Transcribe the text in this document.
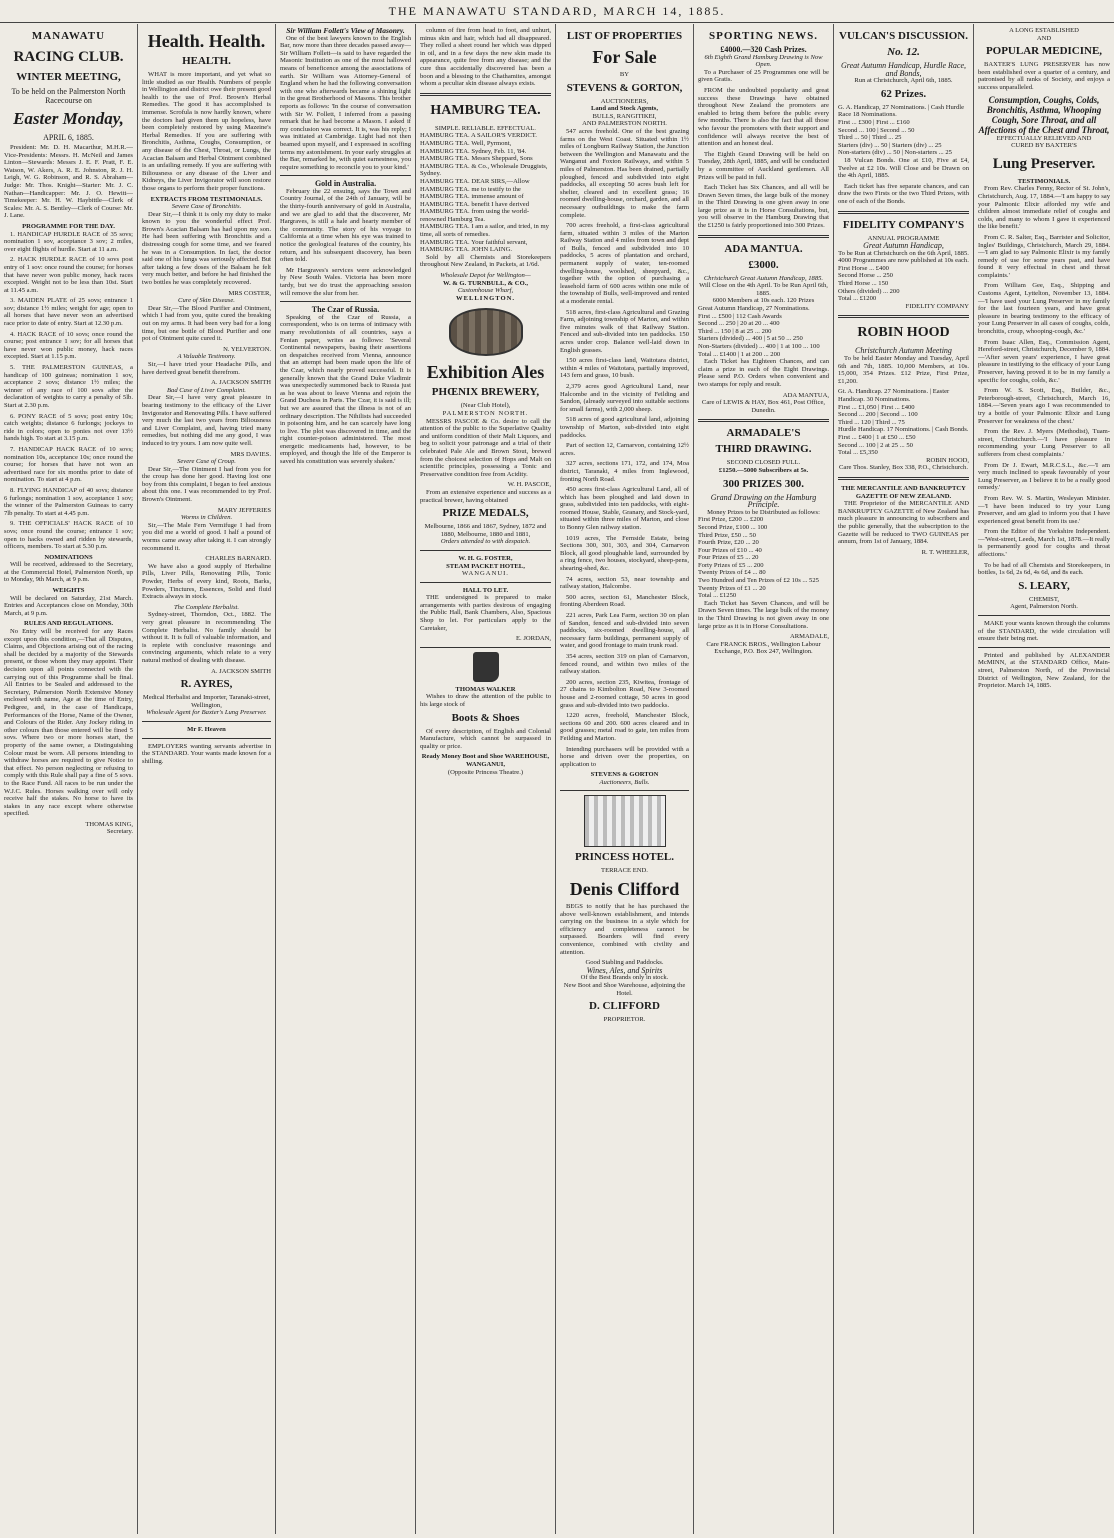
THE MANAWATU STANDARD, MARCH 14, 1885.
MANAWATU
RACING CLUB.
WINTER MEETING,
To be held on the Palmerston North Racecourse on
Easter Monday,
APRIL 6, 1885.

President: Mr. D. H. Macarthur, M.H.R.—Vice-Presidents: Messrs. H. McNeil and James Linton—Stewards: Messrs J. E. F. Pratt, F. E. Watson, W. Akers, A. R. E. Johnston, R. J. H. Leigh, W. G. Robinson, and R. S. Abraham—Judge: Mr. Thos. Knight—Starter: Mr. J. C. Nathan—Handicapper: Mr. J. O. Hewitt—Timekeeper: Mr. H. W. Haybittle—Clerk of Scales: Mr. A. S. Bentley—Clerk of Course: Mr. J. Lane.

PROGRAMME FOR THE DAY.

1. HANDICAP HURDLE RACE of 35 sovs; nomination 1 sov, acceptance 3 sov; 2 miles, over eight flights of hurdle. Start at 11 a.m.

2. HACK HURDLE RACE of 10 sovs post entry of 1 sov: once round the course; for horses that have never won public money, hack races excepted. Weight not to be less than 10st. Start at 11.45 a.m.

3. MAIDEN PLATE of 25 sovs; entrance 1 sov; distance 1½ miles; weight for age; open to all horses that have never won an advertised race prior to date of entry. Start at 12.30 p.m.

4. HACK RACE of 10 sovs; once round the course; post entrance 1 sov; for all horses that have never won public money, hack races excepted. Start at 1.15 p.m.

5. THE PALMERSTON GUINEAS, a handicap of 100 guineas; nomination 1 sov, acceptance 2 sovs; distance 1½ miles; the winner of any race of 100 sovs after the declaration of weights to carry a penalty of 5lb. Start at 2.30 p.m.

6. PONY RACE of 5 sovs; post entry 10s; catch weights; distance 6 furlongs; jockeys to ride in colors; open to ponies not over 13½ hands high. To start at 3.15 p.m.

7. HANDICAP HACK RACE of 10 sovs; nomination 10s, acceptance 10s; once round the course; for horses that have not won an advertised race for six months prior to date of nomination. To start at 4 p.m.

8. FLYING HANDICAP of 40 sovs; distance 6 furlongs; nomination 1 sov, acceptance 1 sov; the winner of the Palmerston Guineas to carry 7lb penalty. To start at 4.45 p.m.

9. THE OFFICIALS' HACK RACE of 10 sovs; once round the course; entrance 1 sov; open to hacks owned and ridden by stewards, officers, members. To start at 5.30 p.m.

NOMINATIONS

Will be received, addressed to the Secretary, at the Commercial Hotel, Palmerston North, up to Monday, 9th March, at 9 p.m.

WEIGHTS

Will be declared on Saturday, 21st March. Entries and Acceptances close on Monday, 30th March, at 9 p.m.

RULES AND REGULATIONS.

No Entry will be received for any Races except upon this condition,—That all Disputes, Claims, and Objections arising out of the racing shall be decided by a majority of the Stewards present, or those whom they may appoint. Their decision upon all points connected with the carrying out of this Programme shall be final. All Entries to be Sealed and addressed to the Secretary, Palmerston North Extensive Money enclosed with name, Age at the time of Entry, Pedigree, and, in the case of Handicaps, Performances of the Horse, Name of the Owner, and Colours of the Rider. Any Jockey riding in other colours than those entered will be fined 5 sovs. Where two or more horses start, the property of the same owner, a Distinguishing Colour must be worn. All persons intending to withdraw horses are required to give Notice to that effect. No person neglecting or refusing to comply with this Rule shall pay a fine of 5 sovs. to the Race Fund. All races to be run under the W.J.C. Rules. Horses walking over will only receive half the stakes. No horse to have its stakes in any race except where otherwise specified.

THOMAS KING,
Secretary.
Health. Health.
HEALTH.

WHAT is more important, and yet what so little studied as our Health. Numbers of people in Wellington and district owe their present good health to the use of Prof. Brown's Herbal Remedies. The good it has accomplished is immense. Scrofula is now hardly known, where the doctors had given them up hopeless, have been completely restored by using Mazeine's Herbal Remedies. If you are suffering with Bronchitis, Asthma, Coughs, Consumption, or any disease of the Chest, Throat, or Lungs, the Acacian Balsam and Herbal Ointment combined is an unfailing remedy. If you are suffering with Biliousness or any disease of the Liver and Kidneys, the Liver Invigorator will soon restore those organs to perform their proper functions.

EXTRACTS FROM TESTIMONIALS.
Severe Case of Bronchitis.

Dear Sir,—I think it is only my duty to make known to you the wonderful effect Prof. Brown's Acacian Balsam has had upon my son. He had been suffering with Bronchitis and a distressing cough for some time, and we feared he was in a Consumption. In fact, the doctor said one of his lungs was seriously affected. But after taking a few doses of the Balsam he felt very much better, and before he had finished the two bottles he was completely recovered.

MRS COSTER,
Cure of Skin Disease.

Dear Sir,—The Blood Purifier and Ointment, which I had from you, quite cured the breaking out on my arms. It had been very bad for a long time, but one bottle of Blood Purifier and one pot of Ointment quite cured it.

N. YELVERTON.
A Valuable Testimony.

Sir,—I have tried your Headache Pills, and have derived great benefit therefrom.

A. JACKSON SMITH
Bad Case of Liver Complaint.

Dear Sir,—I have very great pleasure in bearing testimony to the efficacy of the Liver Invigorator and Renovating Pills. I have suffered very much the last two years from Biliousness and Liver Complaint, and, having tried many remedies, but nothing did me any good, I was induced to try yours. I am now quite well.

MRS DAVIES.
Severe Case of Croup.

Dear Sir,—The Ointment I had from you for the croup has done her good. Having lost one boy from this complaint, I began to feel anxious about this one. I was recommended to try Prof. Brown's Ointment.

MARY JEFFERIES
Worms in Children.

Sir,—The Male Fern Vermifuge I had from you did me a world of good. I half a pound of worms came away after taking it. I can strongly recommend it.

CHARLES BARNARD.

We have also a good supply of Herbaline Pills, Liver Pills, Renovating Pills, Tonic Powder, Herbs of every kind, Roots, Barks, Powders, Tinctures, Essences, Solid and fluid Extracts always in stock.

The Complete Herbalist.

Sydney-street, Thorndon, Oct., 1882. The very great pleasure in recommending The Complete Herbalist. No family should be without it. It is full of valuable information, and is replete with conclusive reasonings and convincing arguments, which relate to a very natural method of dealing with disease.

A. JACKSON SMITH
R. AYRES,
Medical Herbalist and Importer, Taranaki-street, Wellington,
Wholesale Agent for Baxter's Lung Preserver.
Mr F. Heaven

EMPLOYERS wanting servants advertise in the STANDARD. Your wants made known for a shilling.

Sir William Follett's View of Masonry.

One of the best lawyers known to the English Bar, now more than three decades passed away—Sir William Follett—is said to have regarded the Masonic Institution as one of the most hallowed means of beneficence among the associations of earth. Sir William was Attorney-General of England when he had the following conversation with one who afterwards became a shining light in the great Brotherhood of Masons. This brother reports as follows: 'In the course of conversation with Sir W. Follett, I inferred from a passing remark that he had become a Mason. I asked if my conclusion was correct. It is, was his reply; I was initiated at Cambridge. Light had not then beamed upon myself, and I expressed in scoffing terms my astonishment. In your early struggles at the Bar, remarked he, with quiet earnestness, you require something to reconcile you to your kind.'

Gold in Australia.

February the 22 ensuing, says the Town and Country Journal, of the 24th of January, will be the thirty-fourth anniversary of gold in Australia, and we are glad to add that the discoverer, Mr Hargraves, is still a hale and hearty member of the community. The story of his voyage to California at a time when his eye was trained to notice the geological features of the country, his return, and his subsequent discovery, has been often told.

Mr Hargraves's services were acknowledged by New South Wales. Victoria has been more tardy, but we do trust the approaching session will remove the slur from her.

The Czar of Russia.

Speaking of the Czar of Russia, a correspondent, who is on terms of intimacy with many revolutionists of all countries, says a Fenian paper, writes as follows: 'Several Continental newspapers, basing their assertions on despatches received from Vienna, announce that an attempt had been made upon the life of the Czar, which nearly proved successful. It is generally known that the Grand Duke Vladimir was unexpectedly summoned back to Russia just as he was about to leave Vienna and rejoin the Grand Duchess in Paris. The Czar, it is said is ill; but we are assured that the illness is not of an ordinary description. The Nihilists had succeeded in poisoning him, and he can scarcely have long to live. The plot was discovered in time, and the right counter-poison administered. The most energetic medicaments had, however, to be employed, and though the life of the Emperor is saved his constitution was severely shaken.'

column of fire from head to foot, and unhurt, minus skin and hair, which had all disappeared. They rolled a sheet round her which was dipped in oil, and in a few days the new skin made its appearance, quite free from any disease; and the cure thus accidentally discovered has been a boon and a blessing to the Chathamites, amongst whom a peculiar skin disease always exists.

HAMBURG TEA.
SIMPLE. RELIABLE. EFFECTUAL.
HAMBURG TEA. A SAILOR'S VERDICT.
HAMBURG TEA. Well, Pyrmont,
HAMBURG TEA. Sydney, Feb. 11, '84.
HAMBURG TEA. Messrs Sheppard, Sons
HAMBURG TEA. & Co., Wholesale Druggists, Sydney.
HAMBURG TEA. DEAR SIRS,—Allow
HAMBURG TEA. me to testify to the
HAMBURG TEA. immense amount of
HAMBURG TEA. benefit I have derived
HAMBURG TEA. from using the world-renowned Hamburg Tea.
HAMBURG TEA. I am a sailor, and tried, in my time, all sorts of remedies.
HAMBURG TEA. Your faithful servant,
HAMBURG TEA. JOHN LAING.

Sold by all Chemists and Storekeepers throughout New Zealand, in Packets, at 1/6d.

Wholesale Depot for Wellington—
W. & G. TURNBULL, & CO.,
Customhouse Wharf,
WELLINGTON.
Exhibition Ales
PHŒNIX BREWERY,
(Near Club Hotel),
PALMERSTON NORTH.

MESSRS PASCOE & Co. desire to call the attention of the public to the Superlative Quality and uniform condition of their Malt Liquors, and beg to solicit your patronage and a trial of their celebrated Pale Ale and Brown Stout, brewed from the choicest selection of Hops and Malt on scientific principles, possessing a Tonic and Preservative condition free from Acidity.

W. H. PASCOE,

From an extensive experience and success as a practical brewer, having obtained

PRIZE MEDALS,
Melbourne, 1866 and 1867, Sydney, 1872 and 1880, Melbourne, 1880 and 1881,
Orders attended to with despatch.
W. H. G. FOSTER,
STEAM PACKET HOTEL,
WANGANUI.
HALL TO LET.

THE undersigned is prepared to make arrangements with parties desirous of engaging the Public Hall, Bank Chambers, Also, Spacious Shop to let. For particulars apply to the Caretaker,

E. JORDAN,
THOMAS WALKER

Wishes to draw the attention of the public to his large stock of

Boots & Shoes

Of every description, of English and Colonial Manufacture, which cannot be surpassed in quality or price.

Ready Money Boot and Shoe WAREHOUSE,
WANGANUI,
(Opposite Princess Theatre.)
LIST OF PROPERTIES
For Sale
BY
STEVENS & GORTON,
AUCTIONEERS,
Land and Stock Agents,
BULLS, RANGITIKEI,
AND PALMERSTON NORTH.

547 acres freehold. One of the best grazing farms on the West Coast. Situated within 1½ miles of Longburn Railway Station, the Junction between the Wellington and Manawatu and the Wanganui and Foxton Railways, and within 5 miles of Palmerston. Has been drained, partially ploughed, fenced and subdivided into eight paddocks, all excepting 50 acres bush left for shelter, cleared and in excellent grass; 16 roomed dwelling-house, orchard, garden, and all necessary outbuildings to make the farm complete.

700 acres freehold, a first-class agricultural farm, situated within 3 miles of the Marton Railway Station and 4 miles from town and dept of Bulls, fenced and subdivided into 10 paddocks, 5 acres of plantation and orchard, permanent supply of water, ten-roomed dwelling-house, woolshed, sheepyard, &c., together with the option of purchasing a leasehold farm of 600 acres within one mile of the township of Bulls, well-improved and rented at a moderate rental.

518 acres, first-class Agricultural and Grazing Farm, adjoining township of Marton, and within five minutes walk of that Railway Station. Fenced and sub-divided into ten paddocks. 150 acres under crop. Balance well-laid down in English grasses.

150 acres first-class land, Waitotara district, within 4 miles of Waitotara, partially improved, 143 fern and grass, 10 bush.

2,379 acres good Agricultural Land, near Halcombe and in the vicinity of Feilding and Sandon, (already surveyed into suitable sections for small farms), with 2,000 sheep.

518 acres of good agricultural land, adjoining township of Marton, sub-divided into eight paddocks.

Part of section 12, Carnarvon, containing 12½ acres.

327 acres, sections 171, 172, and 174, Moa district, Taranaki, 4 miles from Inglewood, fronting North Road.

450 acres first-class Agricultural Land, all of which has been ploughed and laid down in grass, subdivided into ten paddocks, with eight-roomed House, Stable, Granary, and Stock-yard, situated within three miles of Marton, and close to Bonny Glen railway station.

1019 acres, The Fernside Estate, being Sections 300, 301, 303, and 304, Carnarvon Block, all good ploughable land, surrounded by a ring fence, two houses, stockyard, sheep-pens, shearing-shed, &c.

74 acres, section 53, near township and railway station, Halcombe.

500 acres, section 61, Manchester Block, fronting Aberdeen Road.

221 acres, Park Lea Farm, section 30 on plan of Sandon, fenced and sub-divided into seven paddocks, six-roomed dwelling-house, all necessary farm buildings, permanent supply of water, and good frontage to main trunk road.

354 acres, section 319 on plan of Carnarvon, fenced round, and within two miles of the railway station.

200 acres, section 235, Kiwitea, frontage of 27 chains to Kimbolton Road, New 3-roomed house and 2-roomed cottage, 50 acres in good grass and sub-divided into two paddocks.

1220 acres, freehold, Manchester Block, sections 60 and 200. 600 acres cleared and in good grasses; metal road to gate, ten miles from Feilding and Marton.

Intending purchasers will be provided with a horse and driven over the properties, on application to

STEVENS & GORTON
Auctioneers, Bulls.
PRINCESS HOTEL.
TERRACE END.
Denis Clifford

BEGS to notify that he has purchased the above well-known establishment, and intends carrying on the business in a style which for efficiency and completeness cannot be surpassed. Boarders will find every convenience, combined with civility and attention.

Good Stabling and Paddocks.
Wines, Ales, and Spirits
Of the Best Brands only in stock.
New Boot and Shoe Warehouse, adjoining the Hotel.
D. CLIFFORD
PROPRIETOR.
SPORTING NEWS.
£4000.—320 Cash Prizes.
6th Eighth Grand Hamburg Drawing is Now Open.

To a Purchaser of 25 Programmes one will be given Gratis.

FROM the undoubted popularity and great success these Drawings have obtained throughout New Zealand the promoters are enabled to bring them before the public every few months. There is also the fact that all those who favour the promoters with their support and confidence will always receive the best of attention and an honest deal.

The Eighth Grand Drawing will be held on Tuesday, 28th April, 1885, and will be conducted by a committee of Auckland gentlemen. All Prizes will be paid in full.

Each Ticket has Six Chances, and all will be Drawn Seven times, the large bulk of the money in the Third Drawing is one given away in one large prize as it is in Horse Consultations, but, you will observe in the Hamburg Drawing that the £1250 is fairly proportioned into 300 Prizes.

ADA MANTUA.
£3000.
Christchurch Great Autumn Handicap, 1885.
Will Close on the 4th April. To be Run April 6th, 1885.
6000 Members at 10s each. 120 Prizes
Great Autumn Handicap, 27 Nominations.
First ... £500 | 112 Cash Awards
Second ... 250 | 20 at 20 ... 400
Third ... 150 | 8 at 25 ... 200
Starters (divided) ... 400 | 5 at 50 ... 250
Non-Starters (divided) ... 400 | 1 at 100 ... 100
Total ... £1400 | 1 at 200 ... 200

Each Ticket has Eighteen Chances, and can claim a prize in each of the Eight Drawings. Please send P.O. Orders when convenient and two stamps for reply and result.

ADA MANTUA,
Care of LEWIS & HAY, Box 461, Post Office, Dunedin.
ARMADALE'S
THIRD DRAWING.
SECOND CLOSED FULL.
£1250.—5000 Subscribers at 5s.
300 PRIZES 300.
Grand Drawing on the Hamburg Principle.
Money Prizes to be Distributed as follows:
First Prize, £200 ... £200
Second Prize, £100 ... 100
Third Prize, £50 ... 50
Fourth Prize, £20 ... 20
Four Prizes of £10 ... 40
Four Prizes of £5 ... 20
Forty Prizes of £5 ... 200
Twenty Prizes of £4 ... 80
Two Hundred and Ten Prizes of £2 10s ... 525
Twenty Prizes of £1 ... 20
Total ... £1250

Each Ticket has Seven Chances, and will be Drawn Seven times. The large bulk of the money in the Third Drawing is not given away in one large prize as it is in Horse Consultations.

ARMADALE,
Care FRANCK BROS., Wellington Labour Exchange, P.O. Box 247, Wellington.
VULCAN'S DISCUSSION.
No. 12.
Great Autumn Handicap, Hurdle Race, and Bonds,
Run at Christchurch, April 6th, 1885.
62 Prizes.
G. A. Handicap, 27 Nominations. | Cash Hurdle Race 18 Nominations.
First ... £300 | First ... £160
Second ... 100 | Second ... 50
Third ... 50 | Third ... 25
Starters (div) ... 50 | Starters (div) ... 25
Non-starters (div) ... 50 | Non-starters ... 25

18 Vulcan Bonds. One at £10, Five at £4, Twelve at £2 10s. Will Close and be Drawn on the 4th April, 1885.

Each ticket has five separate chances, and can draw the two Firsts or the two Third Prizes, with one of each of the Bonds.

FIDELITY COMPANY'S
ANNUAL PROGRAMME
Great Autumn Handicap,
To be Run at Christchurch on the 6th April, 1885.
4000 Programmes are now published at 10s each.
First Horse ... £400
Second Horse ... 250
Third Horse ... 150
Others (divided) ... 200
Total ... £1200
FIDELITY COMPANY
ROBIN HOOD
Christchurch Autumn Meeting

To be held Easter Monday and Tuesday, April 6th and 7th, 1885. 10,000 Members, at 10s. 15,000, 354 Prizes. £12 Prize, First Prize, £1,200.

Gt. A. Handicap. 27 Nominations. | Easter Handicap. 30 Nominations.
First ... £1,050 | First ... £400
Second ... 200 | Second ... 100
Third ... 120 | Third ... 75
Hurdle Handicap. 17 Nominations. | Cash Bonds.
First ... £400 | 1 at £50 ... £50
Second ... 100 | 2 at 25 ... 50
Total ... £5,350
ROBIN HOOD,
Care Thos. Stanley, Box 338, P.O., Christchurch.
THE MERCANTILE AND BANKRUPTCY GAZETTE OF NEW ZEALAND.

THE Proprietor of the MERCANTILE AND BANKRUPTCY GAZETTE of New Zealand has much pleasure in announcing to subscribers and the public generally, that the subscription to the Gazette will be reduced to TWO GUINEAS per annum, from 1st of January, 1884.

R. T. WHEELER,
A LONG ESTABLISHED
AND
POPULAR MEDICINE,

BAXTER'S LUNG PRESERVER has now been established over a quarter of a century, and patronised by all ranks of Society, and enjoys a success unparalleled.

Consumption, Coughs, Colds, Bronchitis, Asthma, Whooping Cough, Sore Throat, and all Affections of the Chest and Throat,
EFFECTUALLY RELIEVED AND
CURED BY BAXTER'S
Lung Preserver.
TESTIMONIALS.

From Rev. Charles Fenny, Rector of St. John's, Christchurch, Aug. 17, 1884.—'I am happy to say your Palmonic Elixir afforded my wife and children almost immediate relief of coughs and colds, and many to whom I gave it experienced the like benefit.'

From C. R. Salter, Esq., Barrister and Solicitor, Ingles' Buildings, Christchurch, March 29, 1884.—'I am glad to say Palmonic Elixir is my family remedy of use for some years past, and have found it very effectual in chest and throat complaints.'

From William Gee, Esq., Shipping and Customs Agent, Lyttelton, November 13, 1884.—'I have used your Lung Preserver in my family for the last fourteen years, and have great pleasure in bearing testimony to the efficacy of your Lung Preserver in all cases of coughs, colds, bronchitis, croup, whooping-cough, &c.'

From Isaac Allen, Esq., Commission Agent, Hereford-street, Christchurch, December 9, 1884.—'After seven years' experience, I have great pleasure in testifying to the efficacy of your Lung Preserver, having proved it to be in my family a specific for coughs, colds, &c.'

From W. S. Scott, Esq., Builder, &c., Peterborough-street, Christchurch, March 16, 1884.—'Seven years ago I was recommended to try a bottle of your Palmonic Elixir and Lung Preserver for weakness of the chest.'

From the Rev. J. Myers (Methodist), Tuam-street, Christchurch.—'I have pleasure in recommending your Lung Preserver to all sufferers from chest complaints.'

From Dr J. Ewart, M.R.C.S.L., &c.—'I am very much inclined to speak favourably of your Lung Preserver, as I believe it to be a really good remedy.'

From Rev. W. S. Martin, Wesleyan Minister.—'I have been induced to try your Lung Preserver, and am glad to inform you that I have experienced great benefit from its use.'

From the Editor of the Yorkshire Independent.—'West-street, Leeds, March 1st, 1878.—It really is permanently good for coughs and throat affections.'

To be had of all Chemists and Storekeepers, in bottles, 1s 6d, 2s 6d, 4s 6d, and 8s each.

S. LEARY,
CHEMIST,
Agent, Palmerston North.

MAKE your wants known through the columns of the STANDARD, the wide circulation will ensure their being met.

Printed and published by ALEXANDER McMINN, at the STANDARD Office, Main-street, Palmerston North, of the Provincial District of Wellington, New Zealand, for the Proprietor. March 14, 1885.
